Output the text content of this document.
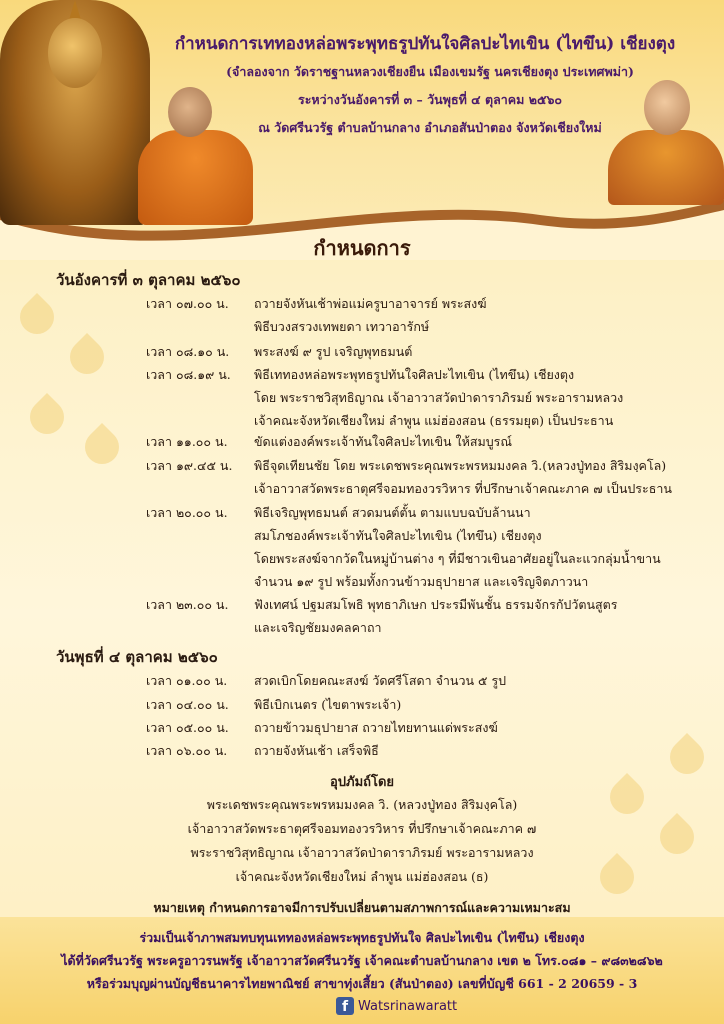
กำหนดการเททองหล่อพระพุทธรูปทันใจศิลปะไทเขิน (ไทขึน) เชียงตุง
(จำลองจาก วัดราชฐานหลวงเชียงยืน เมืองเขมรัฐ นครเชียงตุง ประเทศพม่า)
ระหว่างวันอังคารที่ ๓ – วันพุธที่ ๔ ตุลาคม ๒๕๖๐
ณ วัดศรีนวรัฐ ตำบลบ้านกลาง อำเภอสันป่าตอง จังหวัดเชียงใหม่
กำหนดการ
วันอังคารที่ ๓ ตุลาคม ๒๕๖๐
เวลา ๐๗.๐๐ น.	ถวายจังหันเช้าพ่อแม่ครูบาอาจารย์ พระสงฆ์
พิธีบวงสรวงเทพยดา เทวาอารักษ์
เวลา ๐๘.๑๐ น.	พระสงฆ์ ๙ รูป เจริญพุทธมนต์
เวลา ๐๘.๑๙ น.	พิธีเททองหล่อพระพุทธรูปทันใจศิลปะไทเขิน (ไทขึน) เชียงตุง
โดย พระราชวิสุทธิญาณ เจ้าอาวาสวัดป่าดาราภิรมย์ พระอารามหลวง
เจ้าคณะจังหวัดเชียงใหม่ ลำพูน แม่ฮ่องสอน (ธรรมยุต) เป็นประธาน
เวลา ๑๑.๐๐ น.	ขัดแต่งองค์พระเจ้าทันใจศิลปะไทเขิน ให้สมบูรณ์
เวลา ๑๙.๔๕ น.	พิธีจุดเทียนชัย โดย พระเดชพระคุณพระพรหมมงคล วิ.(หลวงปู่ทอง สิริมงฺคโล)
เจ้าอาวาสวัดพระธาตุศรีจอมทองวรวิหาร ที่ปรึกษาเจ้าคณะภาค ๗ เป็นประธาน
เวลา ๒๐.๐๐ น.	พิธีเจริญพุทธมนต์ สวดมนต์ตั้น ตามแบบฉบับล้านนา
สมโภชองค์พระเจ้าทันใจศิลปะไทเขิน (ไทขึน) เชียงตุง
โดยพระสงฆ์จากวัดในหมู่บ้านต่าง ๆ ที่มีชาวเขินอาศัยอยู่ในละแวกลุ่มน้ำขาน
จำนวน ๑๙ รูป พร้อมทั้งกวนข้าวมธุปายาส และเจริญจิตภาวนา
เวลา ๒๓.๐๐ น.	ฟังเทศน์ ปฐมสมโพธิ พุทธาภิเษก ประรมีพันชั้น ธรรมจักรกัปวัตนสูตร
และเจริญชัยมงคลคาถา
วันพุธที่ ๔ ตุลาคม ๒๕๖๐
เวลา ๐๑.๐๐ น.	สวดเบิกโดยคณะสงฆ์ วัดศรีโสดา จำนวน ๕ รูป
เวลา ๐๔.๐๐ น.	พิธีเบิกเนตร (ไขตาพระเจ้า)
เวลา ๐๕.๐๐ น.	ถวายข้าวมธุปายาส ถวายไทยทานแด่พระสงฆ์
เวลา ๐๖.๐๐ น.	ถวายจังหันเช้า เสร็จพิธี
อุปภัมถ์โดย
พระเดชพระคุณพระพรหมมงคล วิ. (หลวงปู่ทอง สิริมงฺคโล)
เจ้าอาวาสวัดพระธาตุศรีจอมทองวรวิหาร ที่ปรึกษาเจ้าคณะภาค ๗
พระราชวิสุทธิญาณ เจ้าอาวาสวัดป่าดาราภิรมย์ พระอารามหลวง
เจ้าคณะจังหวัดเชียงใหม่ ลำพูน แม่ฮ่องสอน (ธ)
หมายเหตุ กำหนดการอาจมีการปรับเปลี่ยนตามสภาพการณ์และความเหมาะสม
ร่วมเป็นเจ้าภาพสมทบทุนเททองหล่อพระพุทธรูปทันใจ ศิลปะไทเขิน (ไทขึน) เชียงตุง
ได้ที่วัดศรีนวรัฐ พระครูอาวรนพรัฐ เจ้าอาวาสวัดศรีนวรัฐ เจ้าคณะตำบลบ้านกลาง เขต ๒ โทร.๐๘๑ – ๙๘๓๒๘๖๒
หรือร่วมบุญผ่านบัญชีธนาคารไทยพาณิชย์ สาขาทุ่งเสี้ยว (สันป่าตอง) เลขที่บัญชี 661 - 2 20659 - 3
f Watsrinawaratt
